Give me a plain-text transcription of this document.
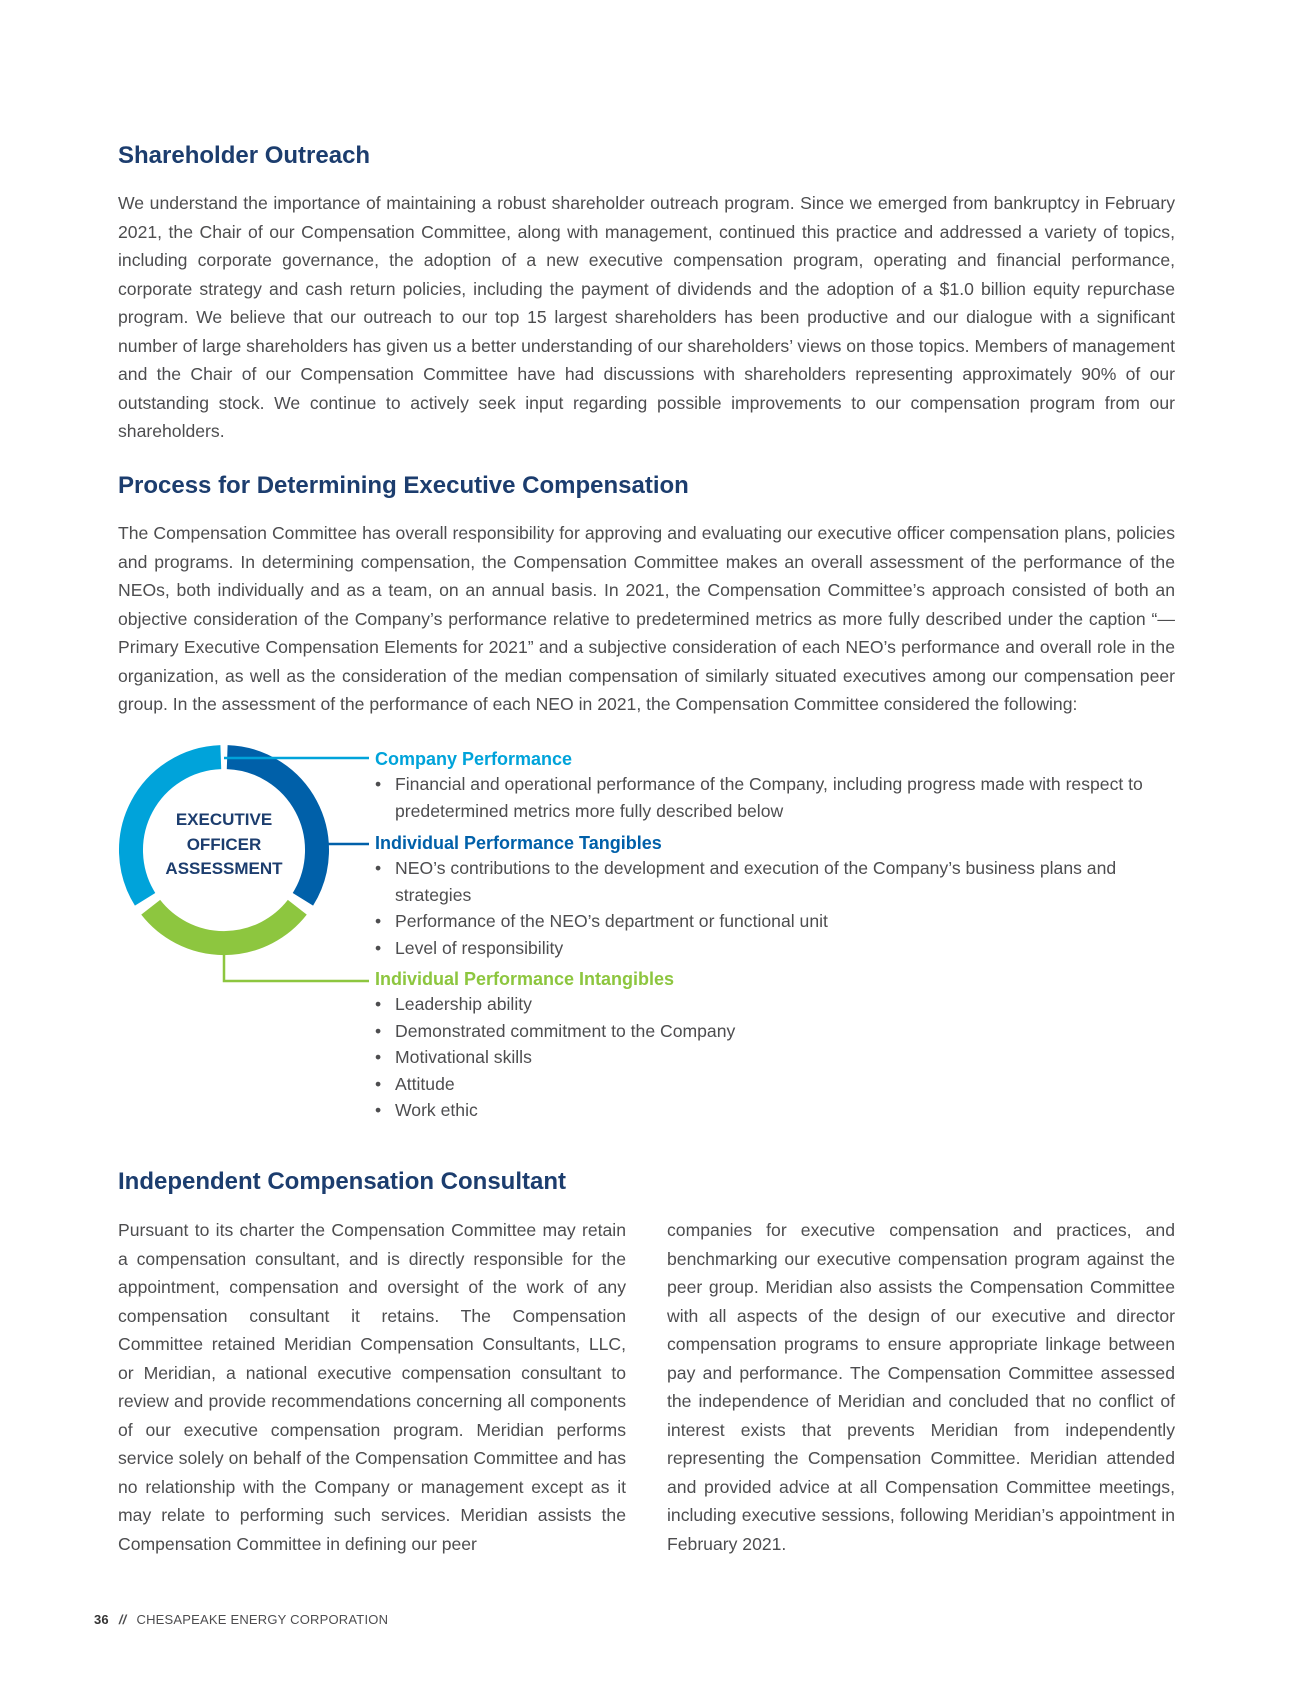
Shareholder Outreach

We understand the importance of maintaining a robust shareholder outreach program. Since we emerged from bankruptcy in February 2021, the Chair of our Compensation Committee, along with management, continued this practice and addressed a variety of topics, including corporate governance, the adoption of a new executive compensation program, operating and financial performance, corporate strategy and cash return policies, including the payment of dividends and the adoption of a $1.0 billion equity repurchase program. We believe that our outreach to our top 15 largest shareholders has been productive and our dialogue with a significant number of large shareholders has given us a better understanding of our shareholders’ views on those topics. Members of management and the Chair of our Compensation Committee have had discussions with shareholders representing approximately 90% of our outstanding stock. We continue to actively seek input regarding possible improvements to our compensation program from our shareholders.

Process for Determining Executive Compensation

The Compensation Committee has overall responsibility for approving and evaluating our executive officer compensation plans, policies and programs. In determining compensation, the Compensation Committee makes an overall assessment of the performance of the NEOs, both individually and as a team, on an annual basis. In 2021, the Compensation Committee’s approach consisted of both an objective consideration of the Company’s performance relative to predetermined metrics as more fully described under the caption “—Primary Executive Compensation Elements for 2021” and a subjective consideration of each NEO’s performance and overall role in the organization, as well as the consideration of the median compensation of similarly situated executives among our compensation peer group. In the assessment of the performance of each NEO in 2021, the Compensation Committee considered the following:

EXECUTIVE
OFFICER
ASSESSMENT
Company Performance
• Financial and operational performance of the Company, including progress made with respect to predetermined metrics more fully described below
Individual Performance Tangibles
• NEO’s contributions to the development and execution of the Company’s business plans and strategies
• Performance of the NEO’s department or functional unit
• Level of responsibility
Individual Performance Intangibles
• Leadership ability
• Demonstrated commitment to the Company
• Motivational skills
• Attitude
• Work ethic
Independent Compensation Consultant

Pursuant to its charter the Compensation Committee may retain a compensation consultant, and is directly responsible for the appointment, compensation and oversight of the work of any compensation consultant it retains. The Compensation Committee retained Meridian Compensation Consultants, LLC, or Meridian, a national executive compensation consultant to review and provide recommendations concerning all components of our executive compensation program. Meridian performs service solely on behalf of the Compensation Committee and has no relationship with the Company or management except as it may relate to performing such services. Meridian assists the Compensation Committee in defining our peer

companies for executive compensation and practices, and benchmarking our executive compensation program against the peer group. Meridian also assists the Compensation Committee with all aspects of the design of our executive and director compensation programs to ensure appropriate linkage between pay and performance. The Compensation Committee assessed the independence of Meridian and concluded that no conflict of interest exists that prevents Meridian from independently representing the Compensation Committee. Meridian attended and provided advice at all Compensation Committee meetings, including executive sessions, following Meridian’s appointment in February 2021.

36 // CHESAPEAKE ENERGY CORPORATION
